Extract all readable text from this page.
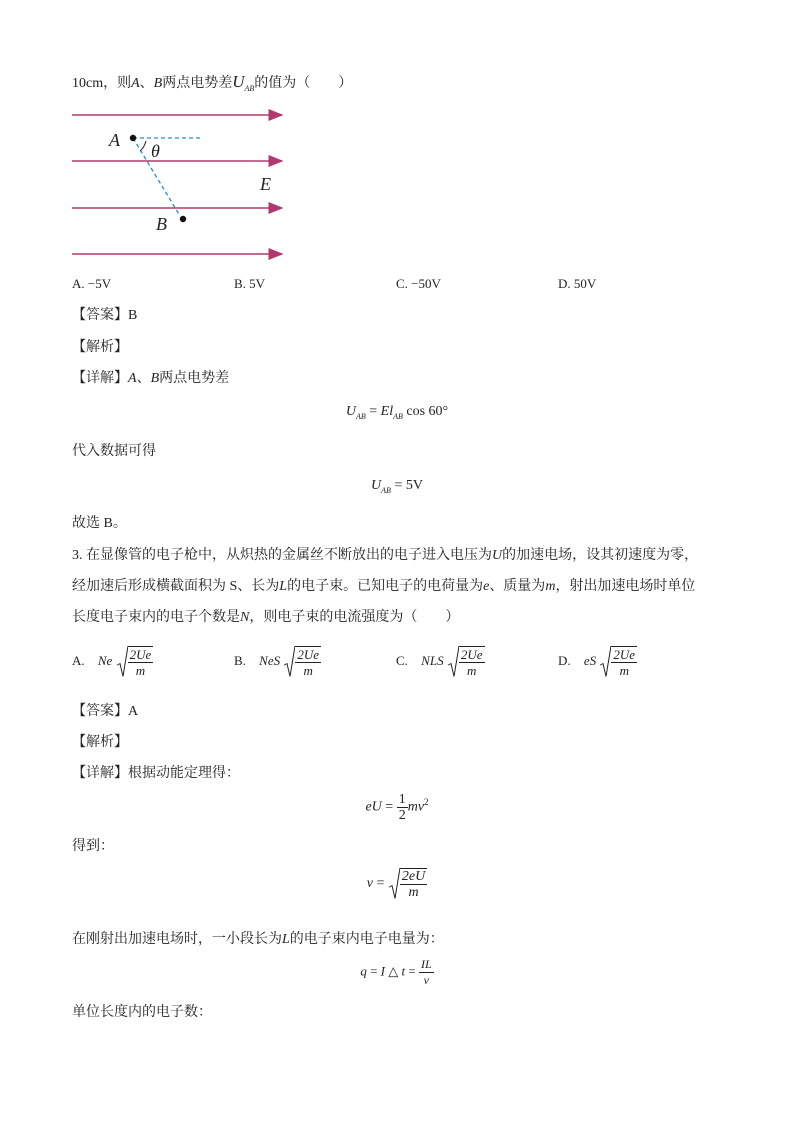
10cm，则A、B两点电势差$U_{AB}$的值为（　　）
A
θ
E
B
A. −5V	B. 5V	C. −50V	D. 50V
【答案】B
【解析】
【详解】A、B两点电势差
$U_{AB} = El_{AB}$ cos 60°
代入数据可得
$U_{AB} = 5V$
故选 B。
3. 在显像管的电子枪中，从炽热的金属丝不断放出的电子进入电压为U的加速电场，设其初速度为零，
经加速后形成横截面积为 S、长为L的电子束。已知电子的电荷量为e、质量为m，射出加速电场时单位
长度电子束内的电子个数是N，则电子束的电流强度为（　　）
A. Ne $\frac{2Ue}{m}$	B. NeS $\frac{2Ue}{m}$	C. NLS $\frac{2Ue}{m}$	D. eS $\frac{2Ue}{m}$
【答案】A
【解析】
【详解】根据动能定理得：
eU = $\frac{1}{2} mv^2$
得到：
$v = \frac{2eU}{m}$
在刚射出加速电场时，一小段长为L的电子束内电子电量为：
q = I △ $t = \frac{IL}{v}$
单位长度内的电子数：
